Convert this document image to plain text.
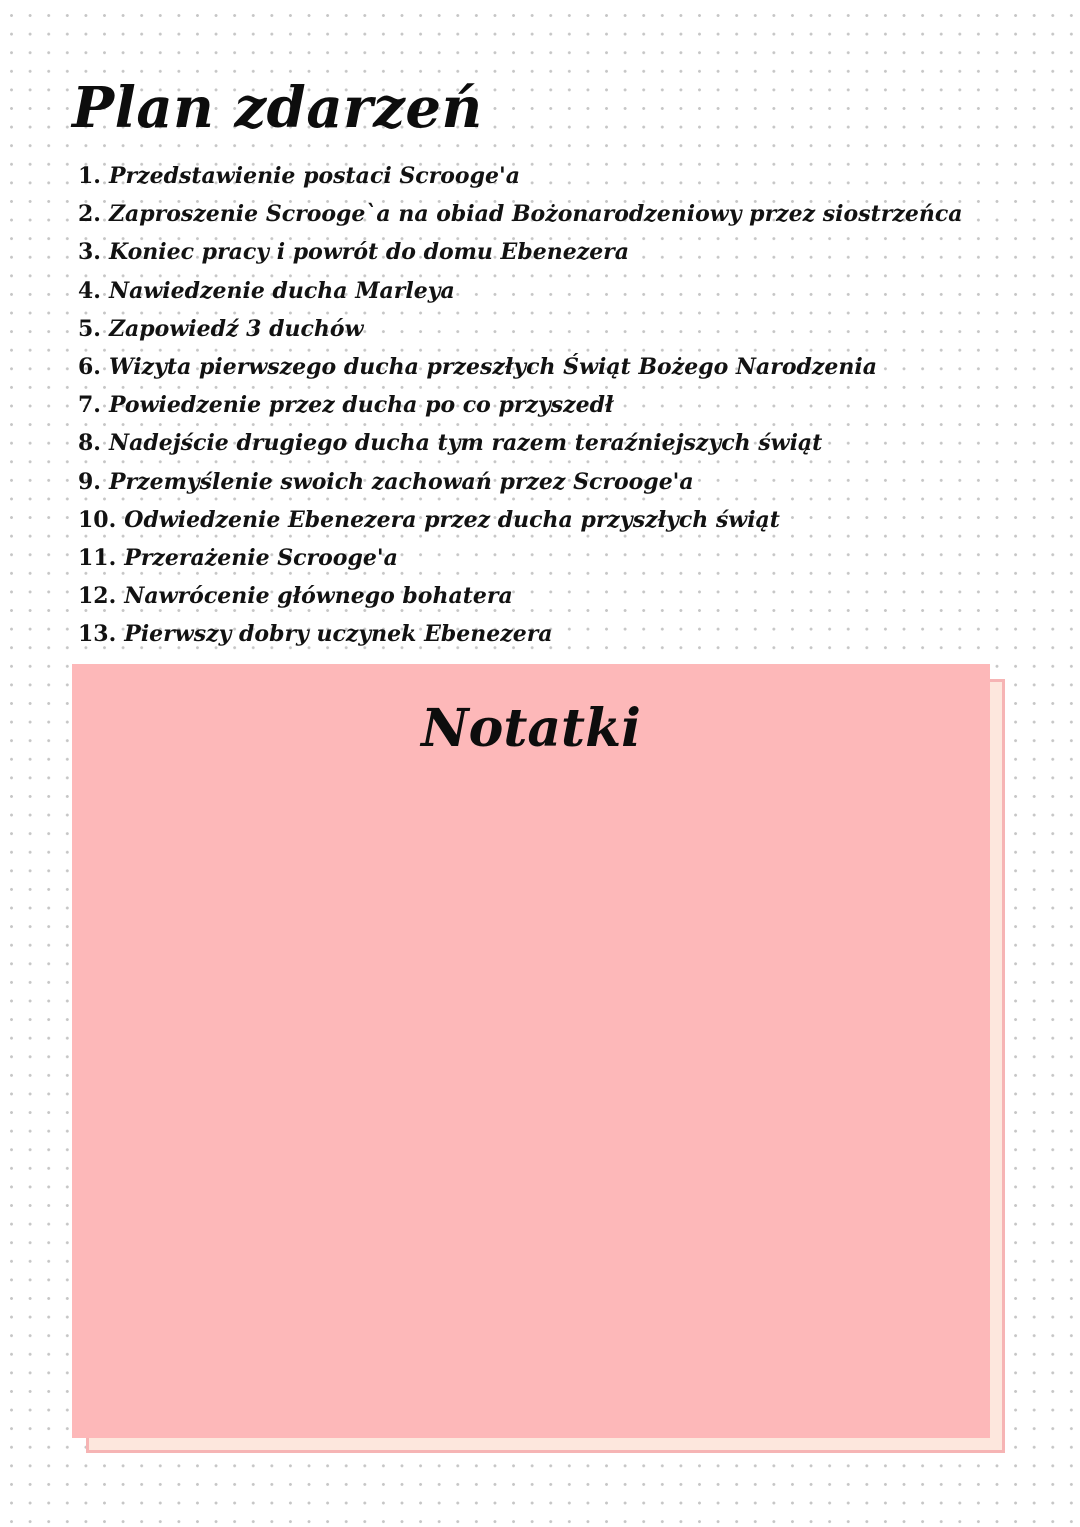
Plan zdarzeń
1. Przedstawienie postaci Scrooge'a
2. Zaproszenie Scrooge`a na obiad Bożonarodzeniowy przez siostrzeńca
3. Koniec pracy i powrót do domu Ebenezera
4. Nawiedzenie ducha Marleya
5. Zapowiedź 3 duchów
6. Wizyta pierwszego ducha przeszłych Świąt Bożego Narodzenia
7. Powiedzenie przez ducha po co przyszedł
8. Nadejście drugiego ducha tym razem teraźniejszych świąt
9. Przemyślenie swoich zachowań przez Scrooge'a
10. Odwiedzenie Ebenezera przez ducha przyszłych świąt
11. Przerażenie Scrooge'a
12. Nawrócenie głównego bohatera
13. Pierwszy dobry uczynek Ebenezera
Notatki
